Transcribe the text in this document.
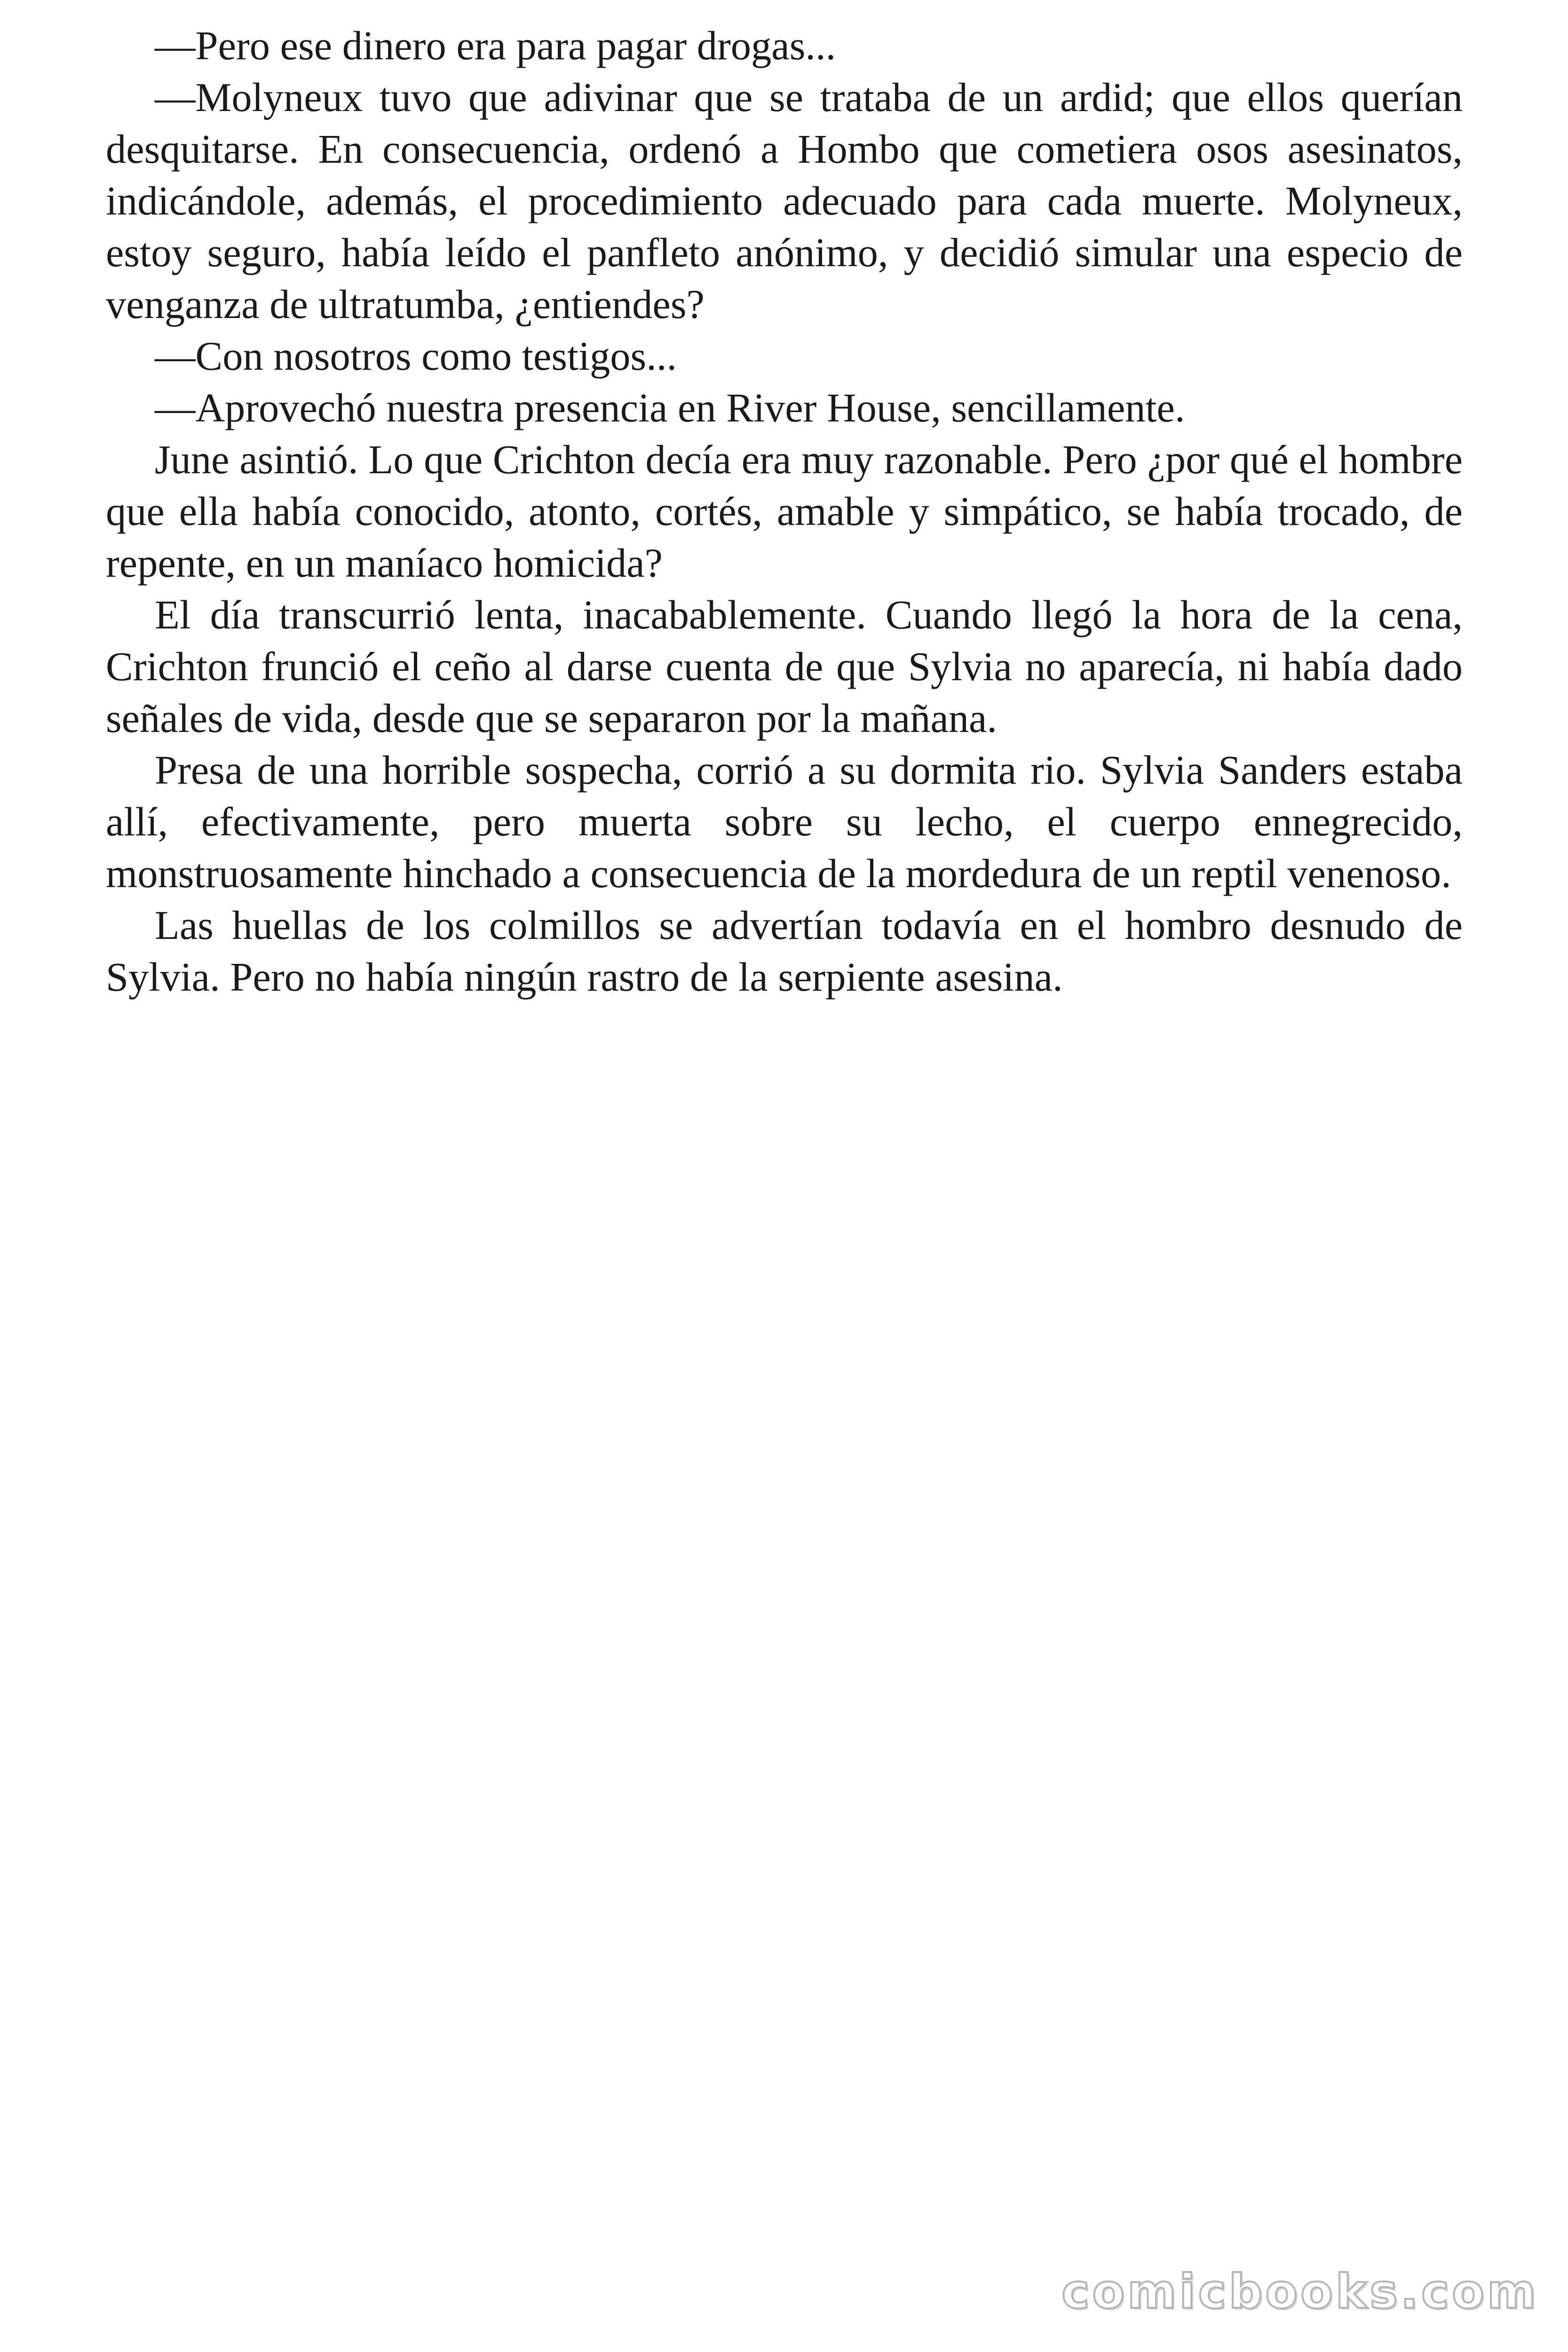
—Pero ese dinero era para pagar drogas...

—Molyneux tuvo que adivinar que se trataba de un ardid; que ellos querían desquitarse. En consecuencia, ordenó a Hombo que cometiera osos asesinatos, indicándole, además, el procedimiento adecuado para cada muerte. Molyneux, estoy seguro, había leído el panfleto anónimo, y decidió simular una especio de venganza de ultratumba, ¿entiendes?

—Con nosotros como testigos...

—Aprovechó nuestra presencia en River House, sencillamente.

June asintió. Lo que Crichton decía era muy razonable. Pero ¿por qué el hombre que ella había conocido, atonto, cortés, amable y simpático, se había trocado, de repente, en un maníaco homicida?

El día transcurrió lenta, inacabablemente. Cuando llegó la hora de la cena, Crichton frunció el ceño al darse cuenta de que Sylvia no aparecía, ni había dado señales de vida, desde que se separaron por la mañana.

Presa de una horrible sospecha, corrió a su dormita rio. Sylvia Sanders estaba allí, efectivamente, pero muerta sobre su lecho, el cuerpo ennegrecido, monstruosamente hinchado a consecuencia de la mordedura de un reptil venenoso.

Las huellas de los colmillos se advertían todavía en el hombro desnudo de Sylvia. Pero no había ningún rastro de la serpiente asesina.

comicbooks.com
